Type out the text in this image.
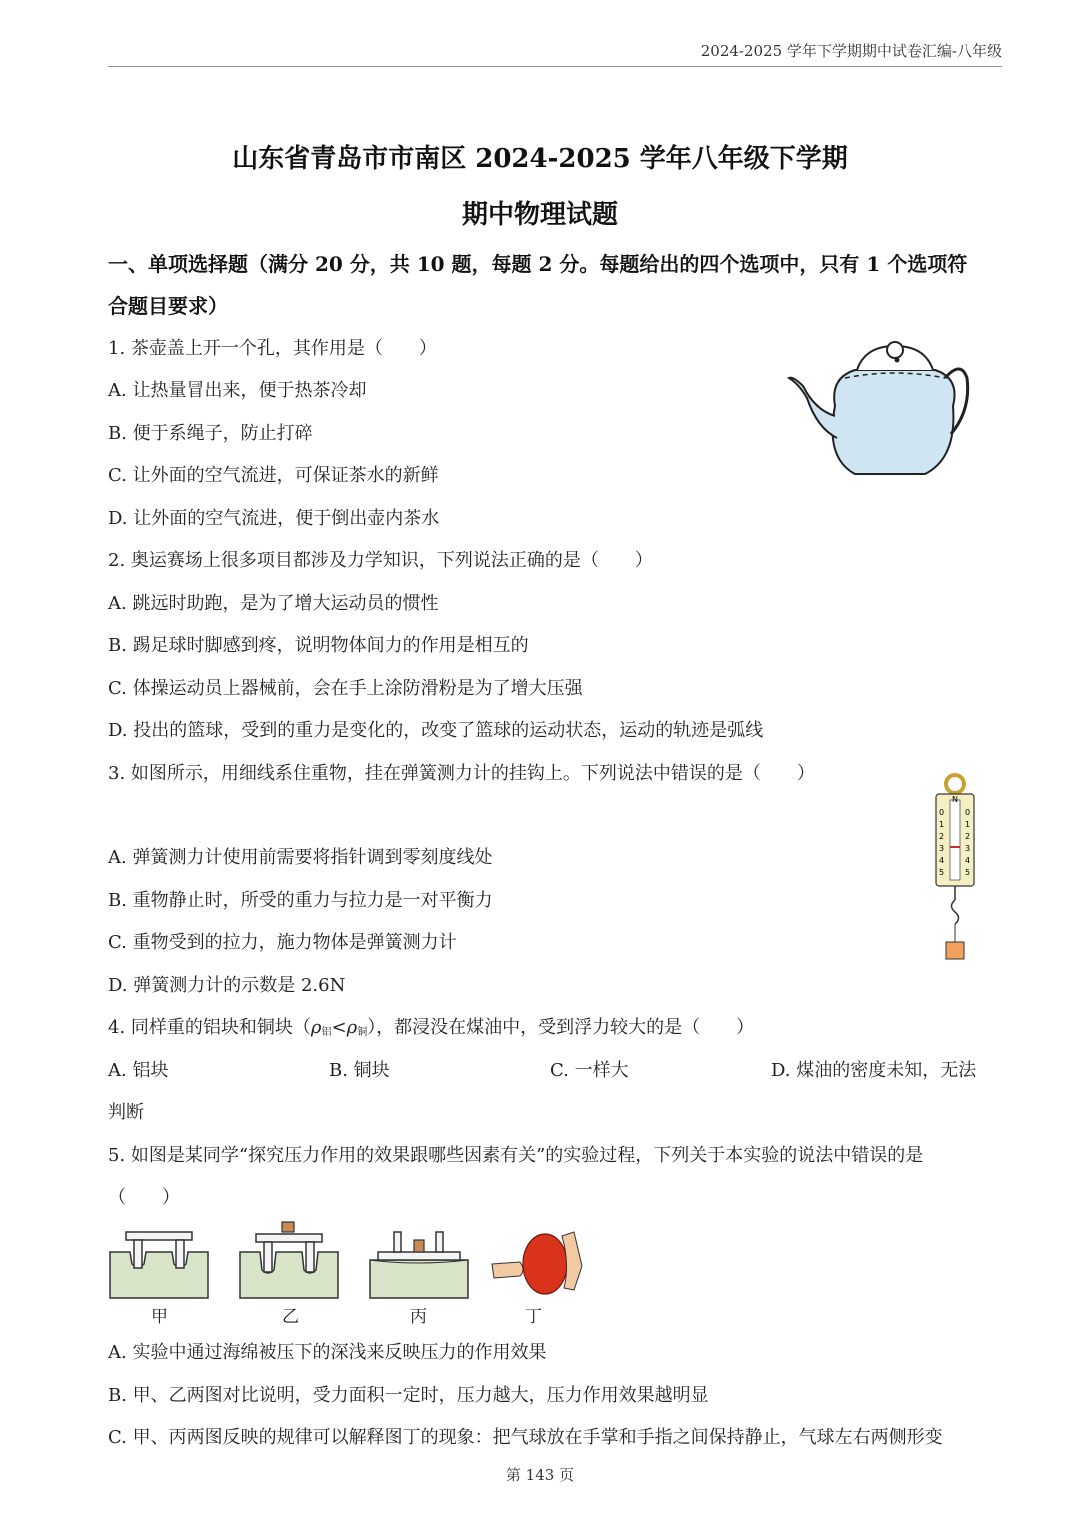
2024-2025 学年下学期期中试卷汇编-八年级
山东省青岛市市南区 2024-2025 学年八年级下学期
期中物理试题
一、单项选择题（满分 20 分，共 10 题，每题 2 分。每题给出的四个选项中，只有 1 个选项符
合题目要求）
1. 茶壶盖上开一个孔，其作用是（　　）
A. 让热量冒出来，便于热茶冷却
B. 便于系绳子，防止打碎
C. 让外面的空气流进，可保证茶水的新鲜
D. 让外面的空气流进，便于倒出壶内茶水
2. 奥运赛场上很多项目都涉及力学知识，下列说法正确的是（　　）
A. 跳远时助跑，是为了增大运动员的惯性
B. 踢足球时脚感到疼，说明物体间力的作用是相互的
C. 体操运动员上器械前，会在手上涂防滑粉是为了增大压强
D. 投出的篮球，受到的重力是变化的，改变了篮球的运动状态，运动的轨迹是弧线
3. 如图所示，用细线系住重物，挂在弹簧测力计的挂钩上。下列说法中错误的是（　　）
A. 弹簧测力计使用前需要将指针调到零刻度线处
B. 重物静止时，所受的重力与拉力是一对平衡力
C. 重物受到的拉力，施力物体是弹簧测力计
D. 弹簧测力计的示数是 2.6N
N
0
1
2
3
4
5
0
1
2
3
4
5
4. 同样重的铝块和铜块$(\rho_铝<\rho_铜)$，都浸没在煤油中，受到浮力较大的是（　　）
A. 铝块	B. 铜块	C. 一样大	D. 煤油的密度未知，无法
判断
5. 如图是某同学“探究压力作用的效果跟哪些因素有关”的实验过程，下列关于本实验的说法中错误的是
（　　）
甲	乙	丙	丁
A. 实验中通过海绵被压下的深浅来反映压力的作用效果
B. 甲、乙两图对比说明，受力面积一定时，压力越大，压力作用效果越明显
C. 甲、丙两图反映的规律可以解释图丁的现象：把气球放在手掌和手指之间保持静止，气球左右两侧形变
第 143 页
